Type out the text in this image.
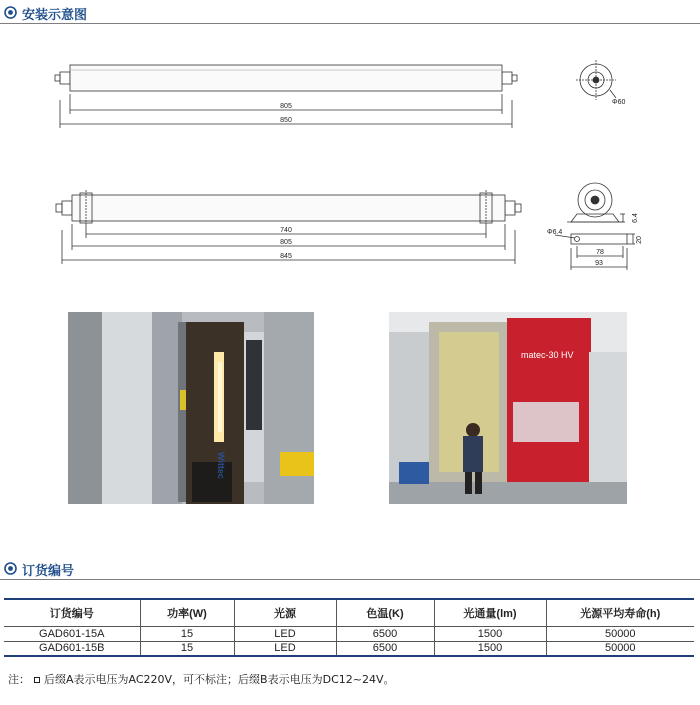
安装示意图
805
850
Φ60
740
805
845
Φ6.4
6.4
20
78
93
Wittec
matec-30 HV
订货编号
订货编号	功率(W)	光源	色温(K)	光通量(lm)	光源平均寿命(h)
GAD601-15A	15	LED	6500	1500	50000
GAD601-15B	15	LED	6500	1500	50000
注： 后缀A表示电压为AC220V，可不标注；后缀B表示电压为DC12~24V。
